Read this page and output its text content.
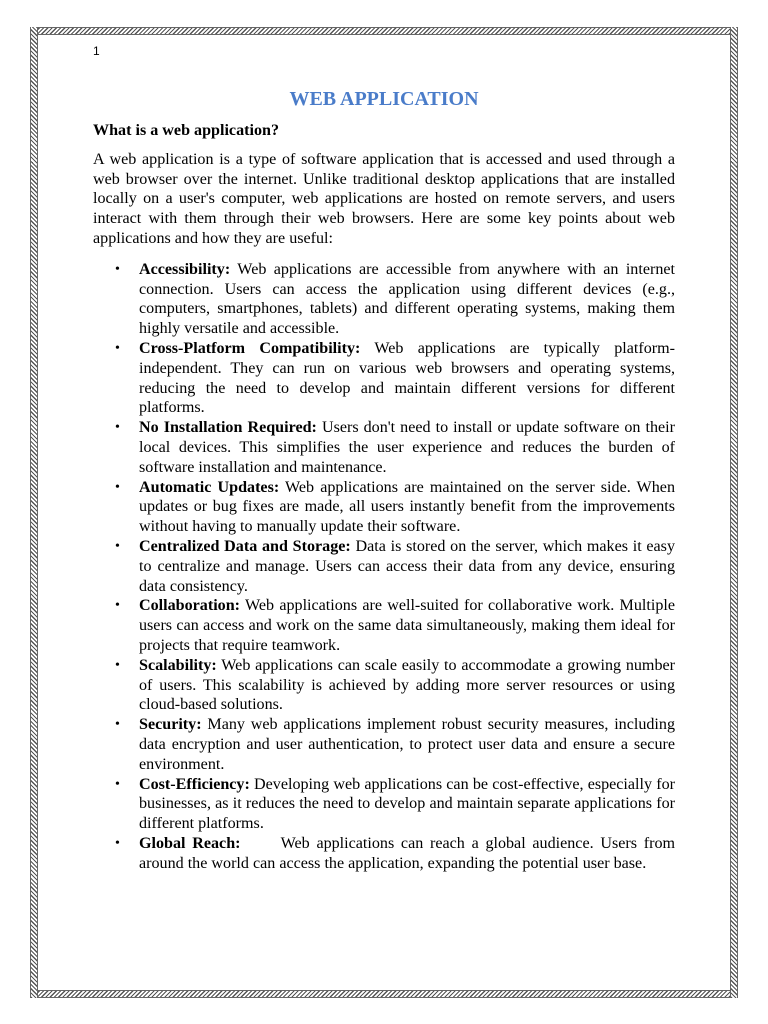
1
WEB APPLICATION
What is a web application?
A web application is a type of software application that is accessed and used through a web browser over the internet. Unlike traditional desktop applications that are installed locally on a user's computer, web applications are hosted on remote servers, and users interact with them through their web browsers. Here are some key points about web applications and how they are useful:
• Accessibility: Web applications are accessible from anywhere with an internet connection. Users can access the application using different devices (e.g., computers, smartphones, tablets) and different operating systems, making them highly versatile and accessible.
• Cross-Platform Compatibility: Web applications are typically platform-independent. They can run on various web browsers and operating systems, reducing the need to develop and maintain different versions for different platforms.
• No Installation Required: Users don't need to install or update software on their local devices. This simplifies the user experience and reduces the burden of software installation and maintenance.
• Automatic Updates: Web applications are maintained on the server side. When updates or bug fixes are made, all users instantly benefit from the improvements without having to manually update their software.
• Centralized Data and Storage: Data is stored on the server, which makes it easy to centralize and manage. Users can access their data from any device, ensuring data consistency.
• Collaboration: Web applications are well-suited for collaborative work. Multiple users can access and work on the same data simultaneously, making them ideal for projects that require teamwork.
• Scalability: Web applications can scale easily to accommodate a growing number of users. This scalability is achieved by adding more server resources or using cloud-based solutions.
• Security: Many web applications implement robust security measures, including data encryption and user authentication, to protect user data and ensure a secure environment.
• Cost-Efficiency: Developing web applications can be cost-effective, especially for businesses, as it reduces the need to develop and maintain separate applications for different platforms.
• Global Reach:      Web applications can reach a global audience. Users from around the world can access the application, expanding the potential user base.
